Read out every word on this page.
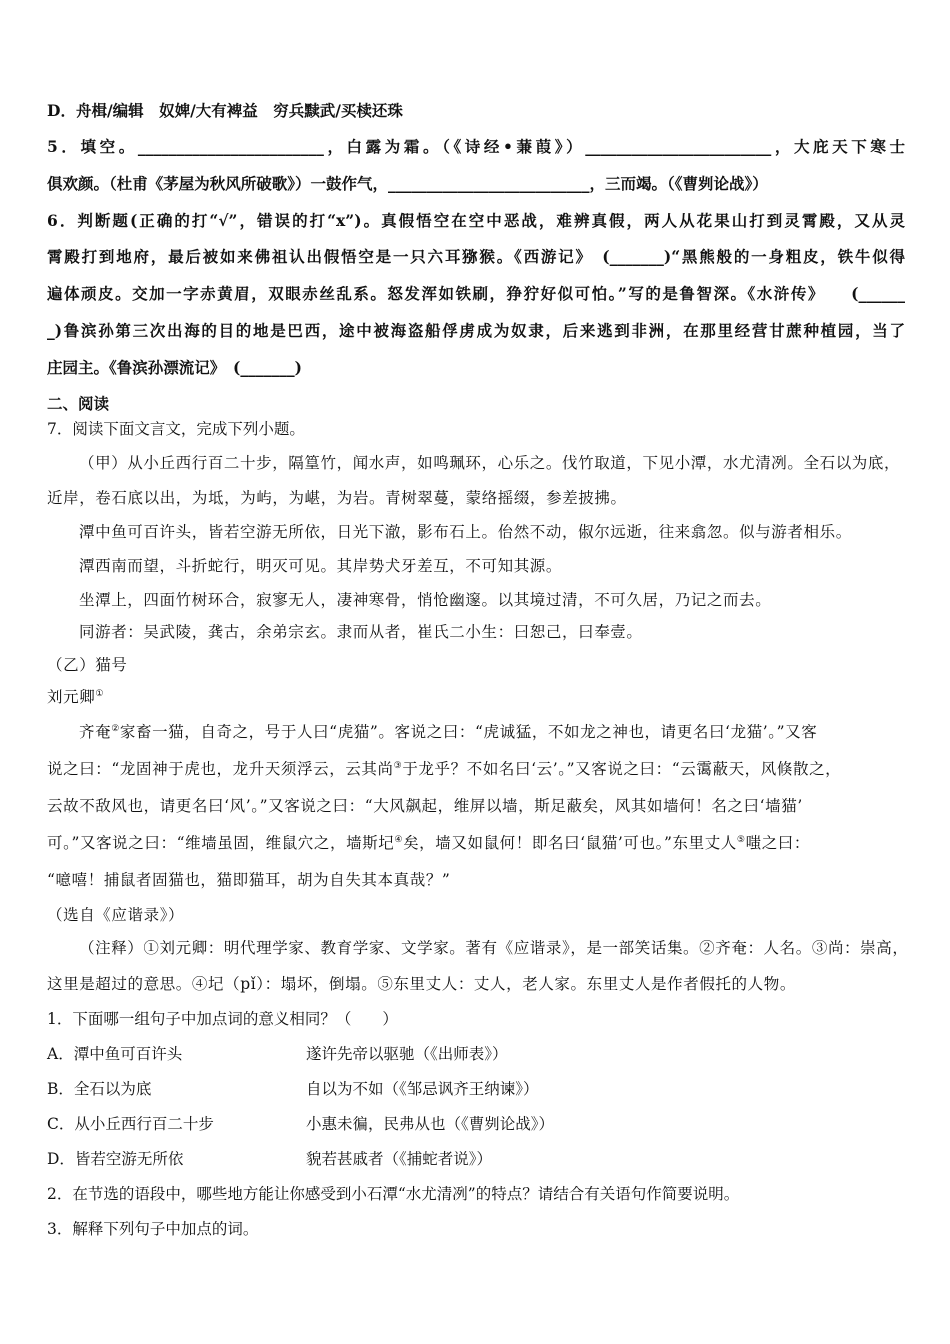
D．舟楫/编辑　奴婢/大有裨益　穷兵黩武/买椟还珠
5．填空。________________________，白露为霜。（《诗经•蒹葭》）________________________，大庇天下寒士
俱欢颜。（杜甫《茅屋为秋风所破歌》）一鼓作气，__________________________，三而竭。（《曹刿论战》）
6．判断题(正确的打“√”，错误的打“x”)。真假悟空在空中恶战，难辨真假，两人从花果山打到灵霄殿，又从灵
霄殿打到地府，最后被如来佛祖认出假悟空是一只六耳猕猴。《西游记》　(_______)“黑熊般的一身粗皮，铁牛似得
遍体顽皮。交加一字赤黄眉，双眼赤丝乱系。怒发浑如铁刷，狰狞好似可怕。”写的是鲁智深。《水浒传》　　(______
_)鲁滨孙第三次出海的目的地是巴西，途中被海盗船俘虏成为奴隶，后来逃到非洲，在那里经营甘蔗种植园，当了
庄园主。《鲁滨孙漂流记》　(_______)
二、阅读
7．阅读下面文言文，完成下列小题。
（甲）从小丘西行百二十步，隔篁竹，闻水声，如鸣珮环，心乐之。伐竹取道，下见小潭，水尤清冽。全石以为底，
近岸，卷石底以出，为坻，为屿，为嵁，为岩。青树翠蔓，蒙络摇缀，参差披拂。
潭中鱼可百许头，皆若空游无所依，日光下澈，影布石上。佁然不动，俶尔远逝，往来翕忽。似与游者相乐。
潭西南而望，斗折蛇行，明灭可见。其岸势犬牙差互，不可知其源。
坐潭上，四面竹树环合，寂寥无人，凄神寒骨，悄怆幽邃。以其境过清，不可久居，乃记之而去。
同游者：吴武陵，龚古，余弟宗玄。隶而从者，崔氏二小生：曰恕己，曰奉壹。
（乙）猫号
刘元卿①
齐奄②家畜一猫，自奇之，号于人曰“虎猫”。客说之曰：“虎诚猛，不如龙之神也，请更名曰‘龙猫’。”又客
说之曰：“龙固神于虎也，龙升天须浮云，云其尚③于龙乎？不如名曰‘云’。”又客说之曰：“云霭蔽天，风倏散之，
云故不敌风也，请更名曰‘风’。”又客说之曰：“大风飙起，维屏以墙，斯足蔽矣，风其如墙何！名之曰‘墙猫’
可。”又客说之曰：“维墙虽固，维鼠穴之，墙斯圮④矣，墙又如鼠何！即名曰‘鼠猫’可也。”东里丈人⑤嗤之曰：
“噫嘻！捕鼠者固猫也，猫即猫耳，胡为自失其本真哉？”
（选自《应谐录》）
（注释）①刘元卿：明代理学家、教育学家、文学家。著有《应谐录》，是一部笑话集。②齐奄：人名。③尚：崇高，
这里是超过的意思。④圮（pǐ）：塌坏，倒塌。⑤东里丈人：丈人，老人家。东里丈人是作者假托的人物。
1．下面哪一组句子中加点词的意义相同？（　　）
A．潭中鱼可百许头	遂许先帝以驱驰（《出师表》）
B．全石以为底	自以为不如（《邹忌讽齐王纳谏》）
C．从小丘西行百二十步	小惠未徧，民弗从也（《曹刿论战》）
D．皆若空游无所依	貌若甚戚者（《捕蛇者说》）
2．在节选的语段中，哪些地方能让你感受到小石潭“水尤清冽”的特点？请结合有关语句作简要说明。
3．解释下列句子中加点的词。
